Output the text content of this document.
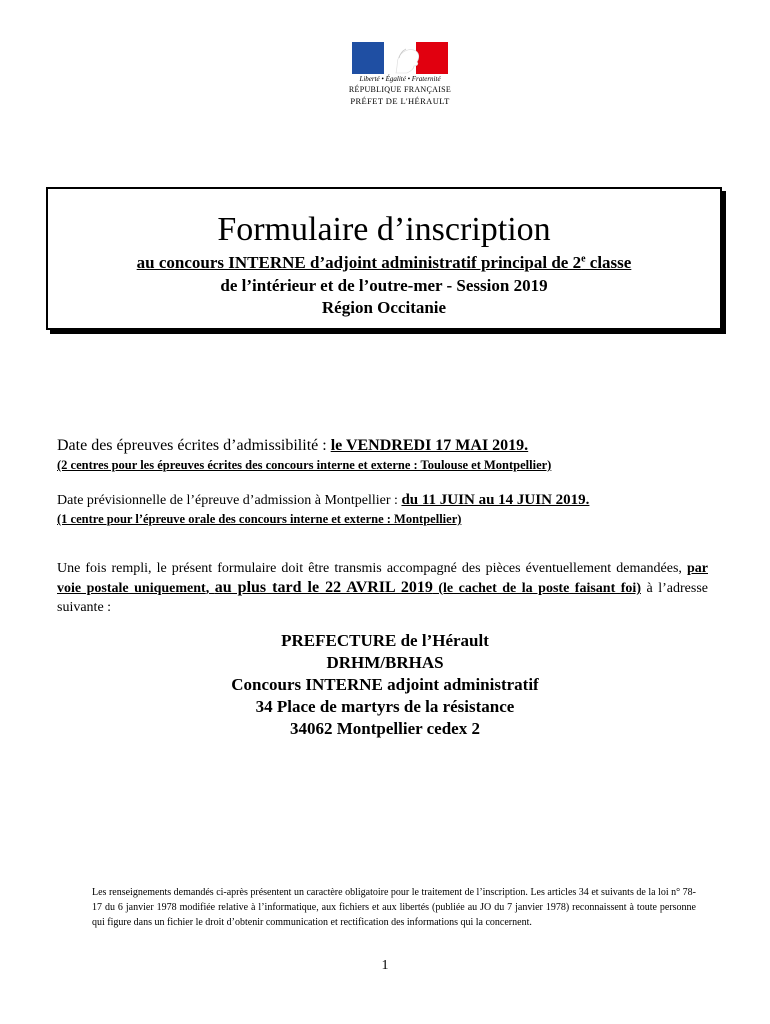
Liberté • Égalité • Fraternité
RÉPUBLIQUE FRANÇAISE
PRÉFET DE L'HÉRAULT
Formulaire d’inscription
au concours INTERNE d’adjoint administratif principal de 2e classe
de l’intérieur et de l’outre-mer - Session 2019
Région Occitanie
Date des épreuves écrites d’admissibilité : le VENDREDI 17 MAI 2019.
(2 centres pour les épreuves écrites des concours interne et externe : Toulouse et Montpellier)
Date prévisionnelle de l’épreuve d’admission à Montpellier : du 11 JUIN au 14 JUIN 2019.
(1 centre pour l’épreuve orale des concours interne et externe : Montpellier)
Une fois rempli, le présent formulaire doit être transmis accompagné des pièces éventuellement demandées, par voie postale uniquement, au plus tard le 22 AVRIL 2019 (le cachet de la poste faisant foi) à l’adresse suivante :
PREFECTURE de l’Hérault
DRHM/BRHAS
Concours INTERNE adjoint administratif
34 Place de martyrs de la résistance
34062 Montpellier cedex 2
Les renseignements demandés ci-après présentent un caractère obligatoire pour le traitement de l’inscription. Les articles 34 et suivants de la loi n° 78-17 du 6 janvier 1978 modifiée relative à l’informatique, aux fichiers et aux libertés (publiée au JO du 7 janvier 1978) reconnaissent à toute personne qui figure dans un fichier le droit d’obtenir communication et rectification des informations qui la concernent.
1
